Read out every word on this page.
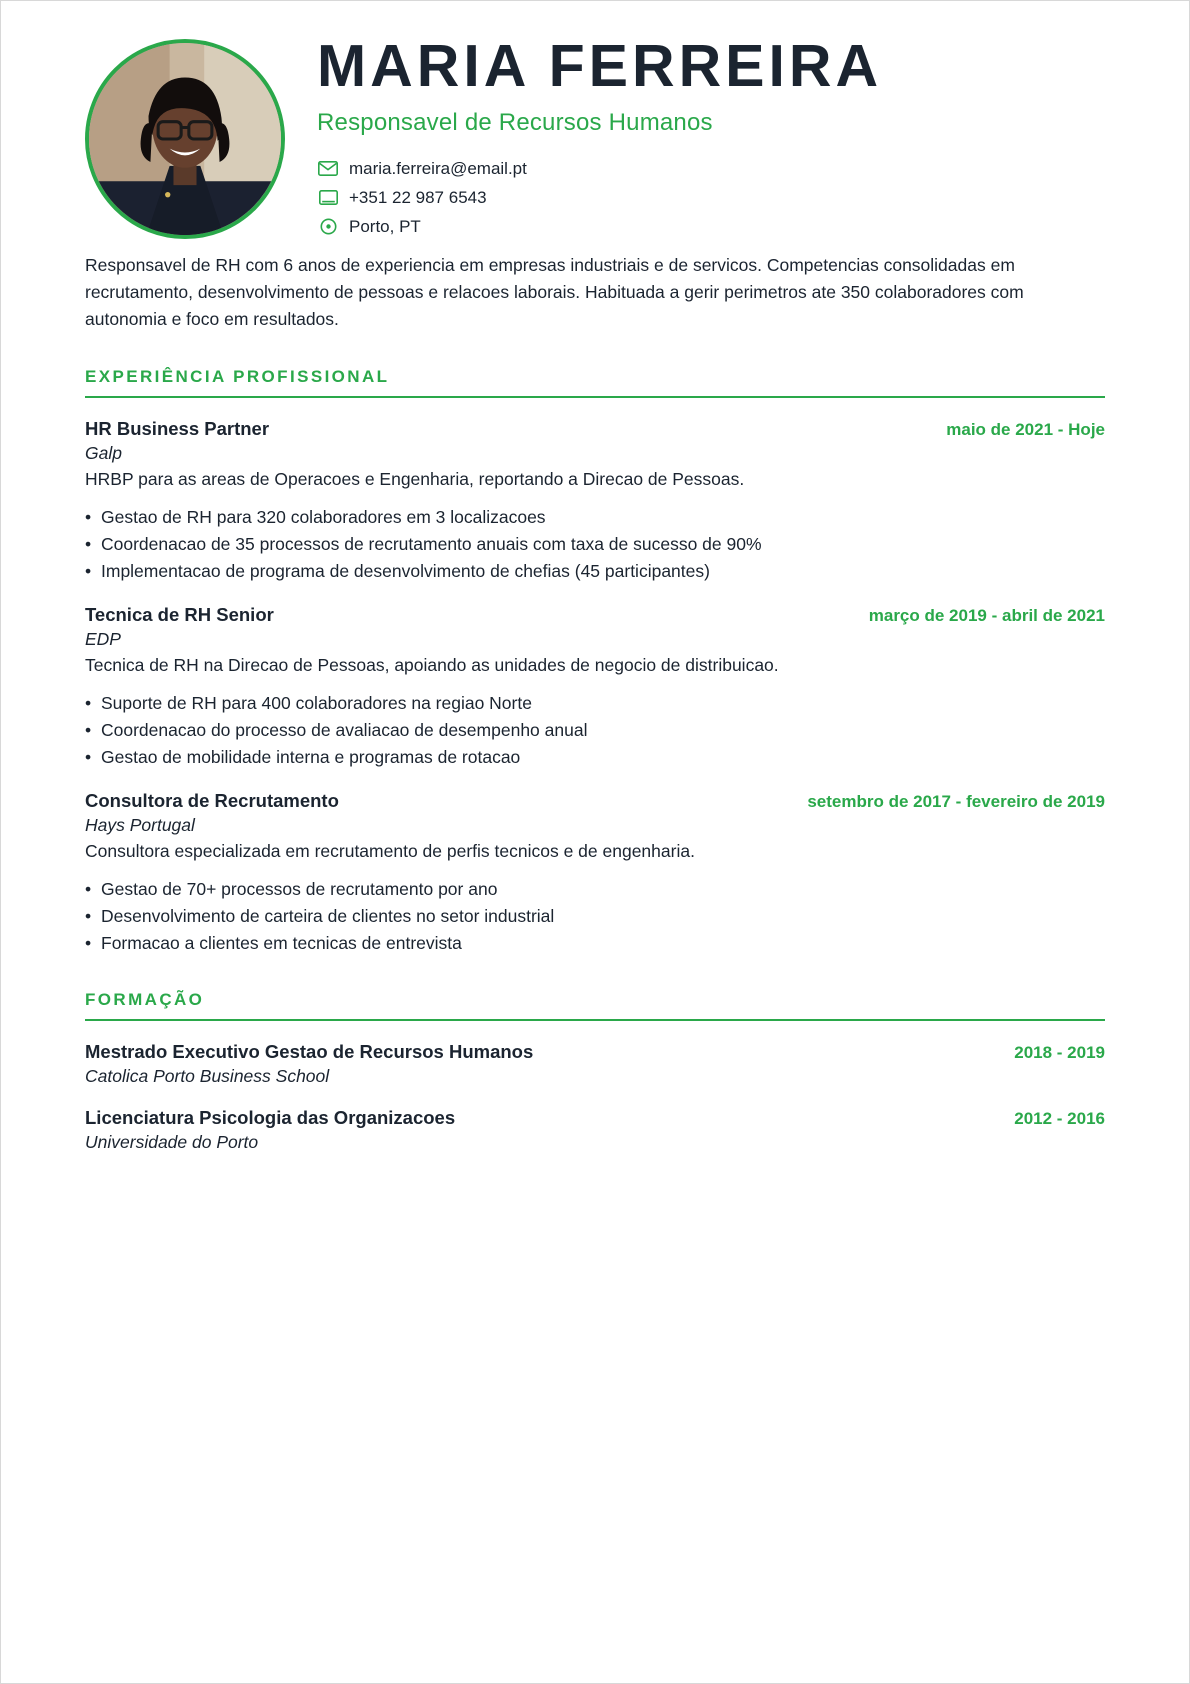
MARIA FERREIRA
Responsavel de Recursos Humanos
maria.ferreira@email.pt
+351 22 987 6543
Porto, PT
Responsavel de RH com 6 anos de experiencia em empresas industriais e de servicos. Competencias consolidadas em recrutamento, desenvolvimento de pessoas e relacoes laborais. Habituada a gerir perimetros ate 350 colaboradores com autonomia e foco em resultados.
EXPERIÊNCIA PROFISSIONAL
HR Business Partner	maio de 2021 - Hoje
Galp
HRBP para as areas de Operacoes e Engenharia, reportando a Direcao de Pessoas.
• Gestao de RH para 320 colaboradores em 3 localizacoes
• Coordenacao de 35 processos de recrutamento anuais com taxa de sucesso de 90%
• Implementacao de programa de desenvolvimento de chefias (45 participantes)
Tecnica de RH Senior	março de 2019 - abril de 2021
EDP
Tecnica de RH na Direcao de Pessoas, apoiando as unidades de negocio de distribuicao.
• Suporte de RH para 400 colaboradores na regiao Norte
• Coordenacao do processo de avaliacao de desempenho anual
• Gestao de mobilidade interna e programas de rotacao
Consultora de Recrutamento	setembro de 2017 - fevereiro de 2019
Hays Portugal
Consultora especializada em recrutamento de perfis tecnicos e de engenharia.
• Gestao de 70+ processos de recrutamento por ano
• Desenvolvimento de carteira de clientes no setor industrial
• Formacao a clientes em tecnicas de entrevista
FORMAÇÃO
Mestrado Executivo Gestao de Recursos Humanos	2018 - 2019
Catolica Porto Business School
Licenciatura Psicologia das Organizacoes	2012 - 2016
Universidade do Porto
